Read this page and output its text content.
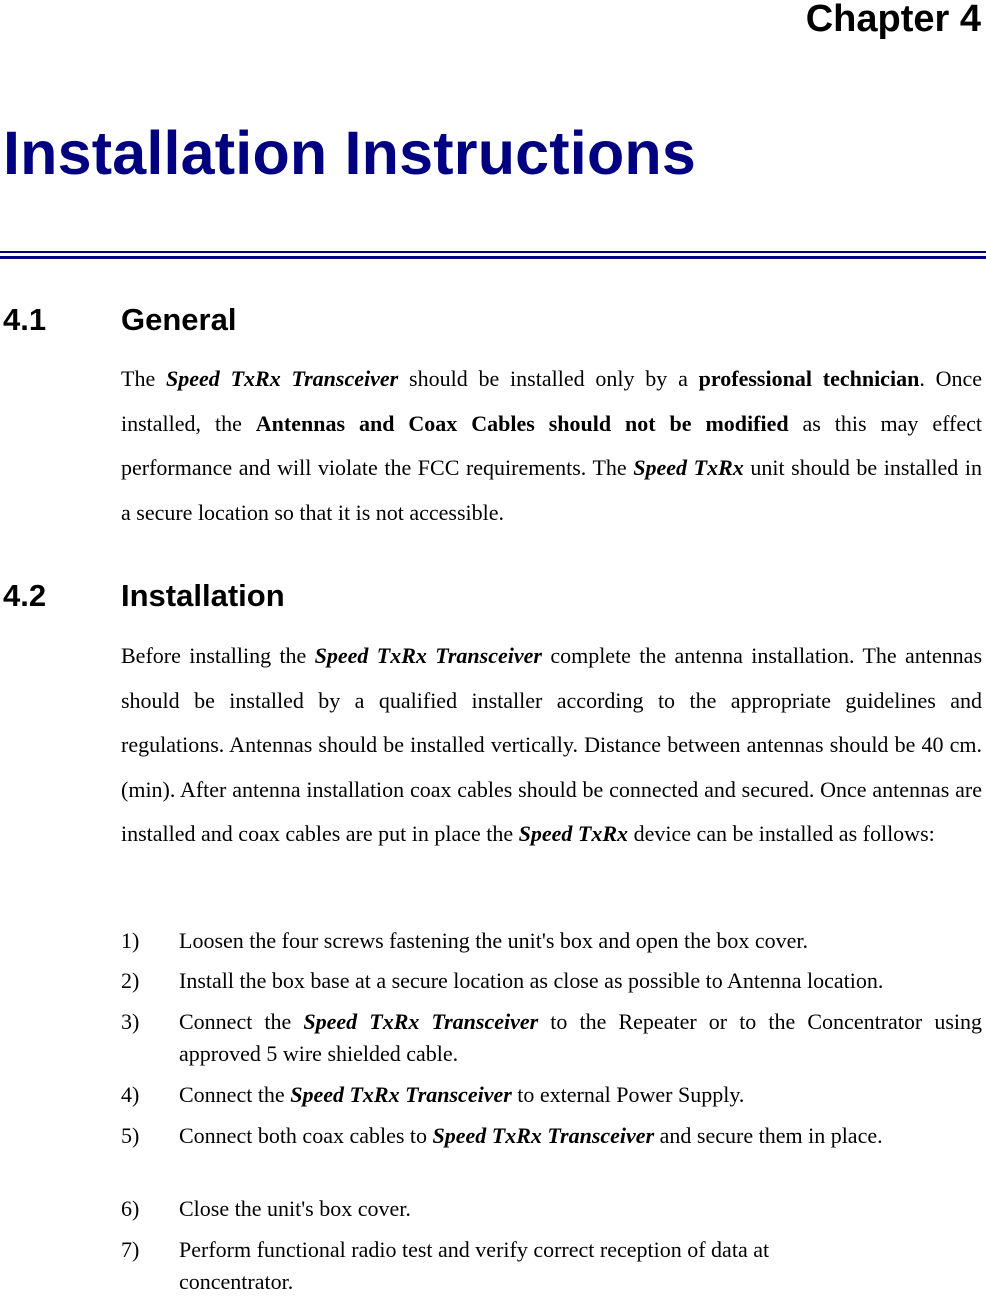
Chapter 4
Installation Instructions
4.1 General
The Speed TxRx Transceiver should be installed only by a professional technician. Once installed, the Antennas and Coax Cables should not be modified as this may effect performance and will violate the FCC requirements. The Speed TxRx unit should be installed in a secure location so that it is not accessible.
4.2 Installation
Before installing the Speed TxRx Transceiver complete the antenna installation. The antennas should be installed by a qualified installer according to the appropriate guidelines and regulations. Antennas should be installed vertically. Distance between antennas should be 40 cm. (min). After antenna installation coax cables should be connected and secured. Once antennas are installed and coax cables are put in place the Speed TxRx device can be installed as follows:
1) Loosen the four screws fastening the unit's box and open the box cover.
2) Install the box base at a secure location as close as possible to Antenna location.
3) Connect the Speed TxRx Transceiver to the Repeater or to the Concentrator using approved 5 wire shielded cable.
4) Connect the Speed TxRx Transceiver to external Power Supply.
5) Connect both coax cables to Speed TxRx Transceiver and secure them in place.
6) Close the unit's box cover.
7) Perform functional radio test and verify correct reception of data at concentrator.
